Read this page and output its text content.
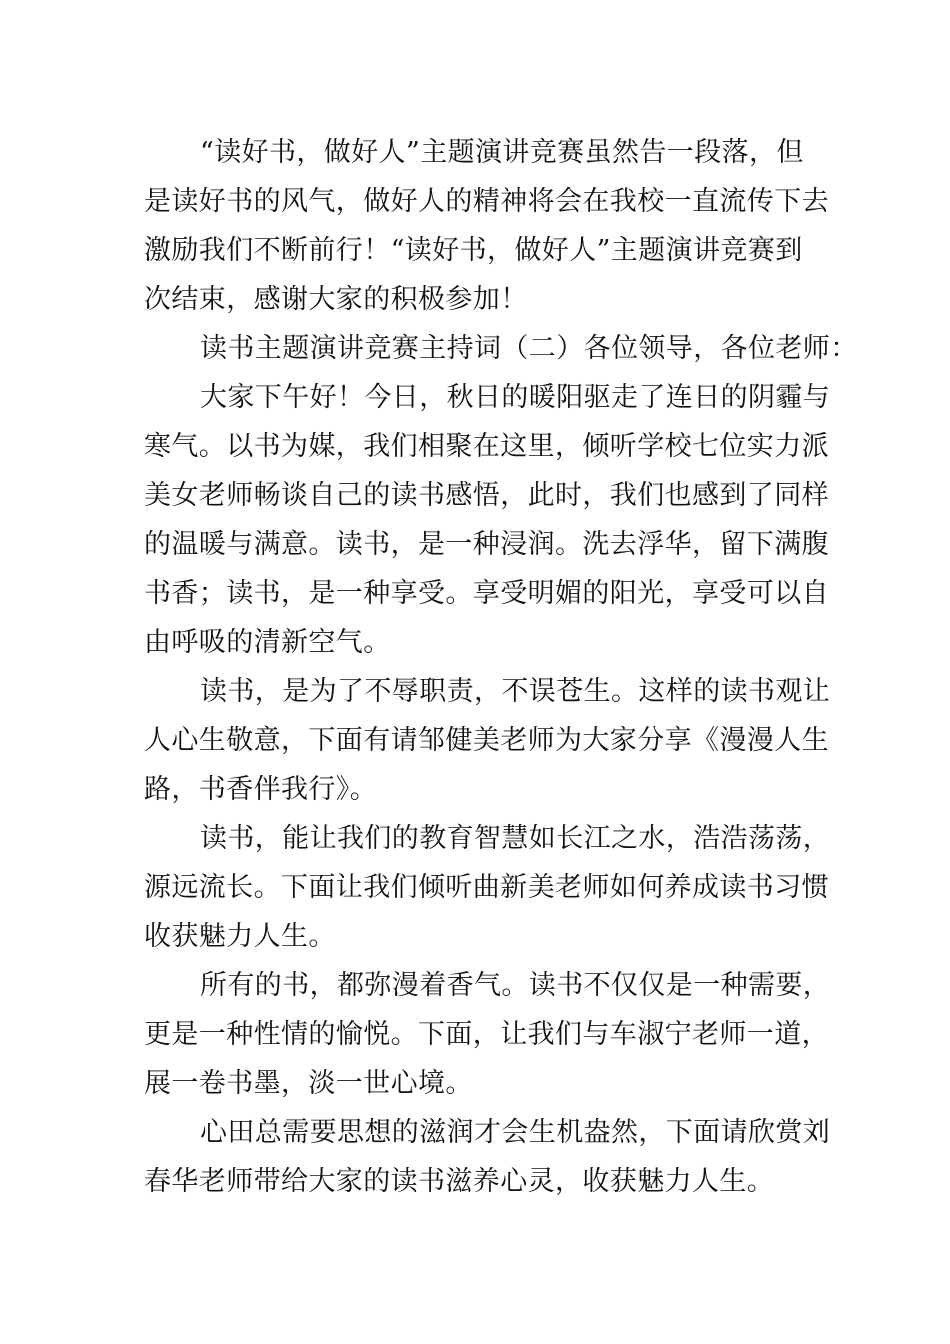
“读好书，做好人”主题演讲竞赛虽然告一段落，但
是读好书的风气，做好人的精神将会在我校一直流传下去
激励我们不断前行！“读好书，做好人”主题演讲竞赛到
次结束，感谢大家的积极参加！
读书主题演讲竞赛主持词（二）各位领导，各位老师：
大家下午好！今日，秋日的暖阳驱走了连日的阴霾与
寒气。以书为媒，我们相聚在这里，倾听学校七位实力派
美女老师畅谈自己的读书感悟，此时，我们也感到了同样
的温暖与满意。读书，是一种浸润。洗去浮华，留下满腹
书香；读书，是一种享受。享受明媚的阳光，享受可以自
由呼吸的清新空气。
读书，是为了不辱职责，不误苍生。这样的读书观让
人心生敬意，下面有请邹健美老师为大家分享《漫漫人生
路，书香伴我行》。
读书，能让我们的教育智慧如长江之水，浩浩荡荡，
源远流长。下面让我们倾听曲新美老师如何养成读书习惯
收获魅力人生。
所有的书，都弥漫着香气。读书不仅仅是一种需要，
更是一种性情的愉悦。下面，让我们与车淑宁老师一道，
展一卷书墨，淡一世心境。
心田总需要思想的滋润才会生机盎然，下面请欣赏刘
春华老师带给大家的读书滋养心灵，收获魅力人生。
